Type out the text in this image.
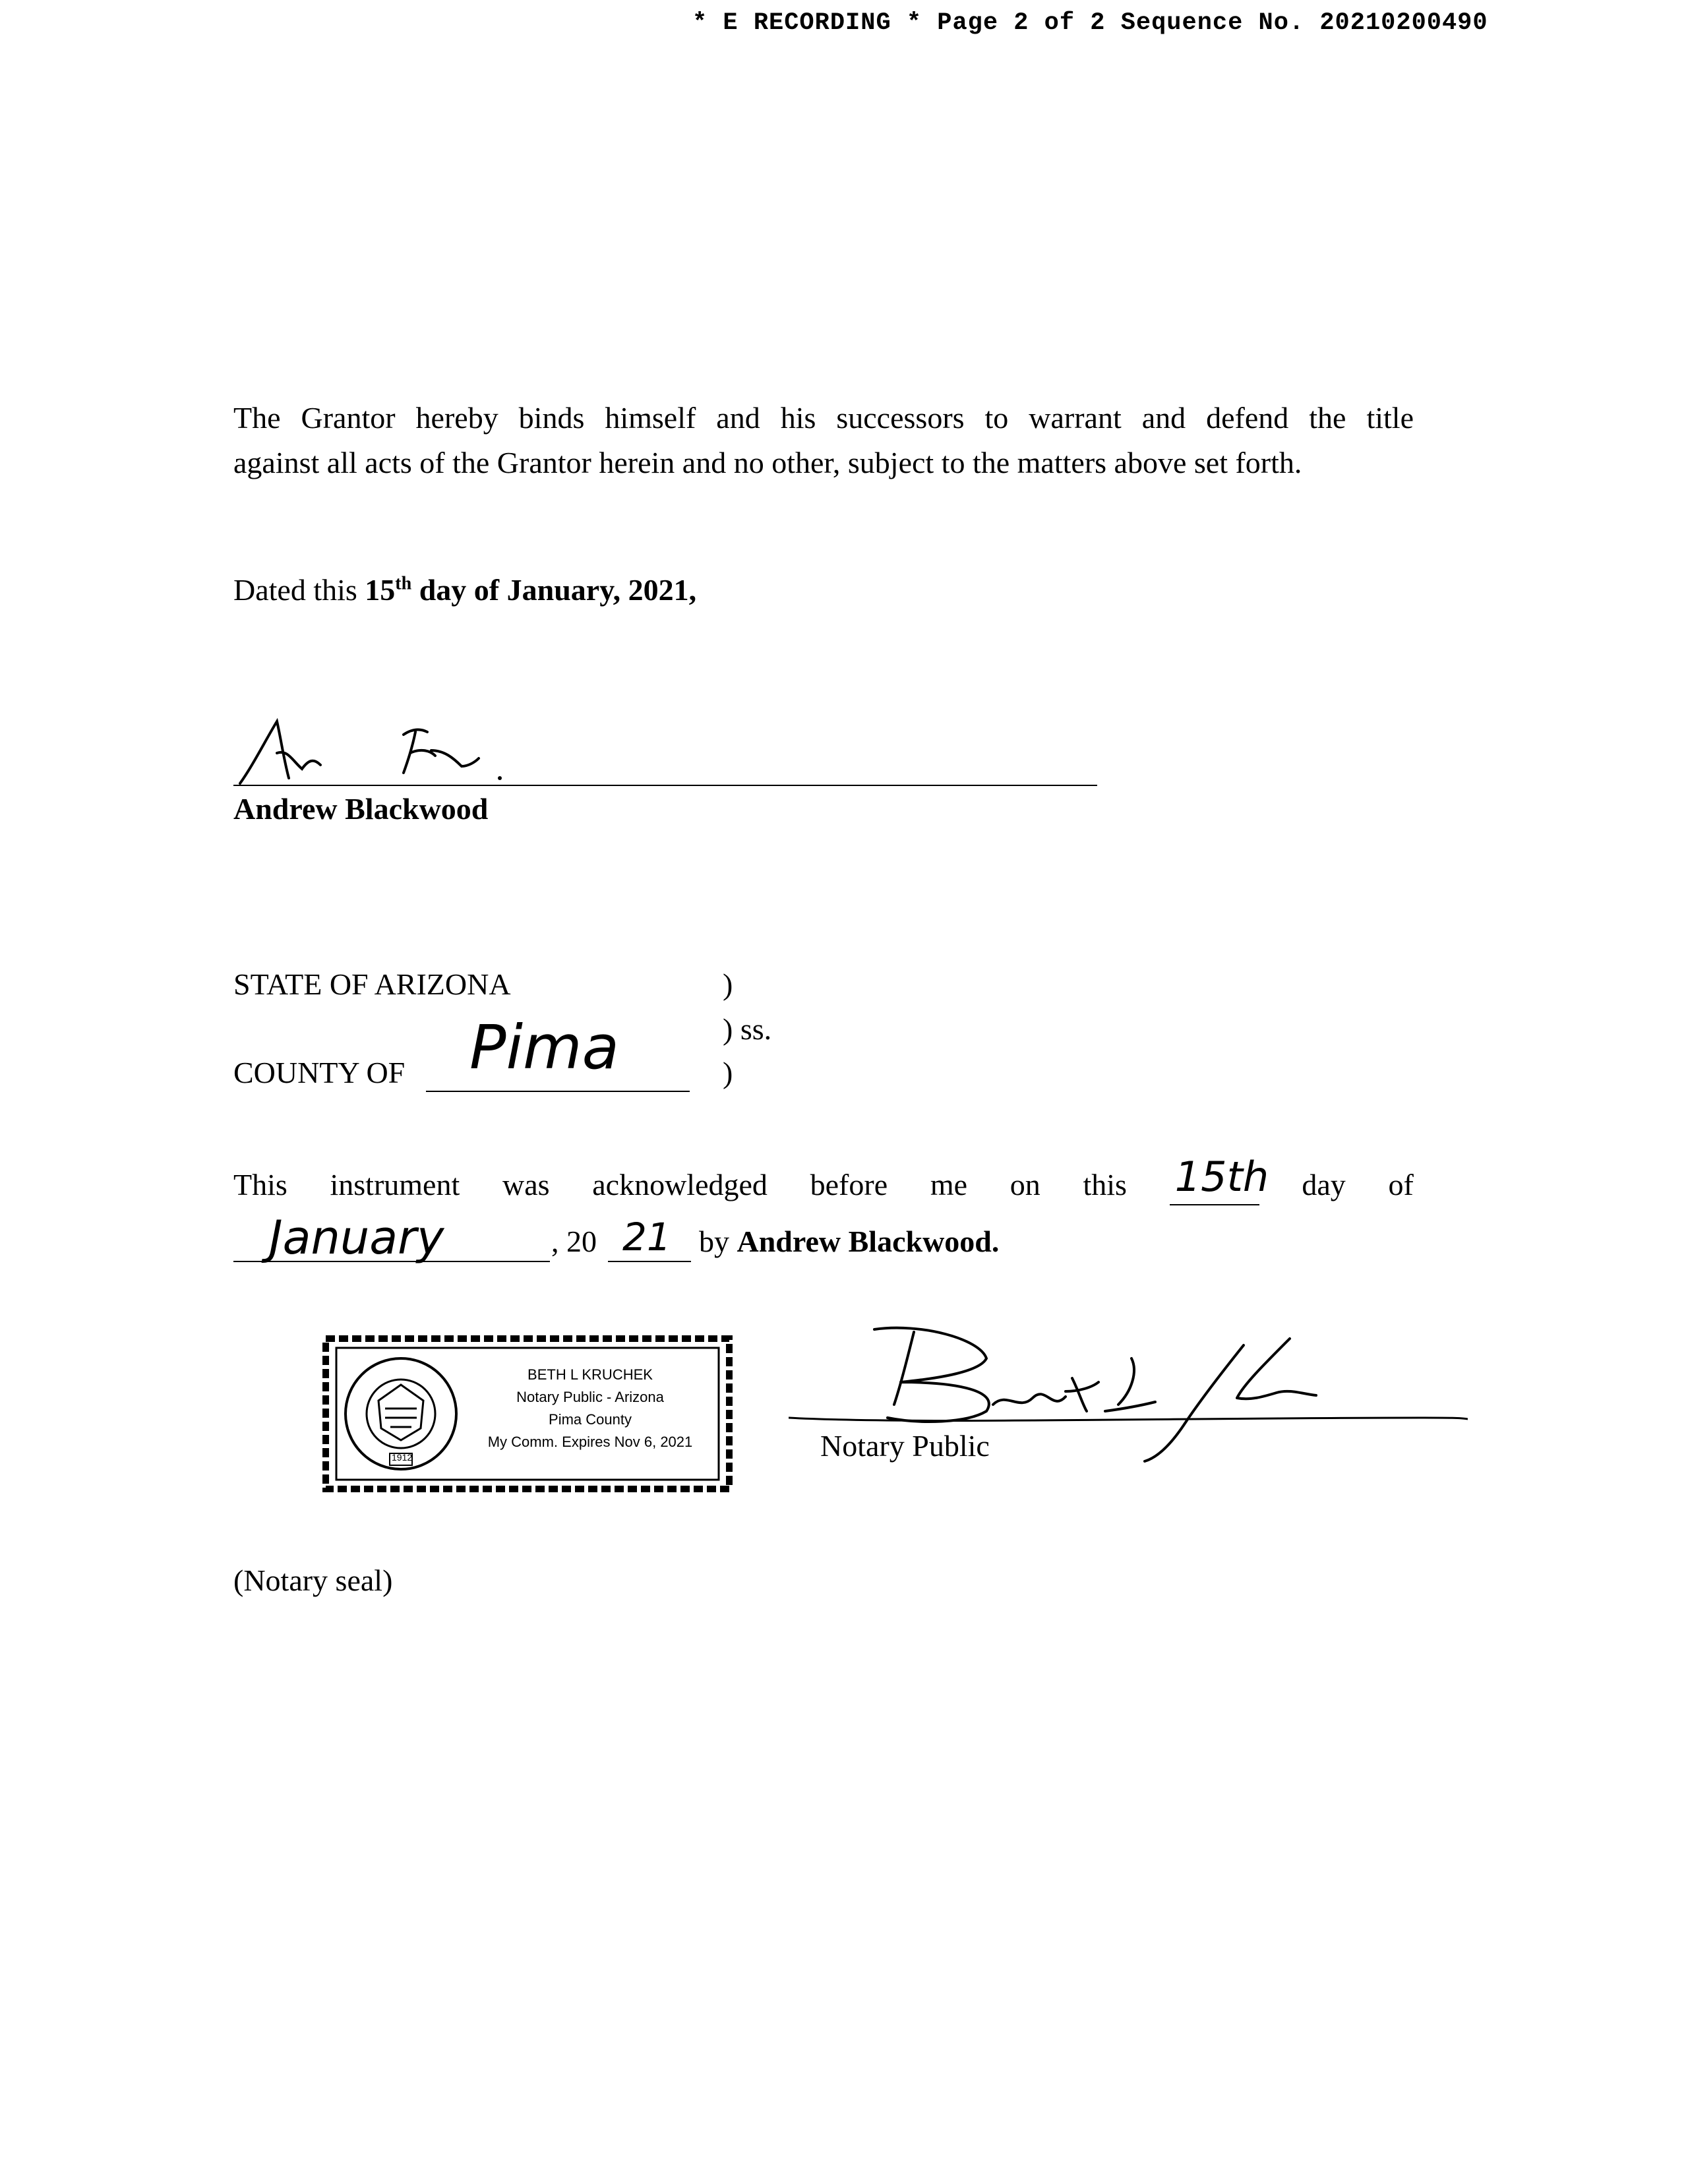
* E RECORDING * Page 2 of 2 Sequence No. 20210200490
The Grantor hereby binds himself and his successors to warrant and defend the title
against all acts of the Grantor herein and no other, subject to the matters above set forth.
Dated this 15th day of January, 2021,
Andrew Blackwood
STATE OF ARIZONA	)
) ss.
COUNTY OF Pima	)
This instrument was acknowledged before me on this 15th day of
January	, 20 21 by Andrew Blackwood.
1912
BETH L KRUCHEK
Notary Public - Arizona
Pima County
My Comm. Expires Nov 6, 2021	Notary Public
(Notary seal)
